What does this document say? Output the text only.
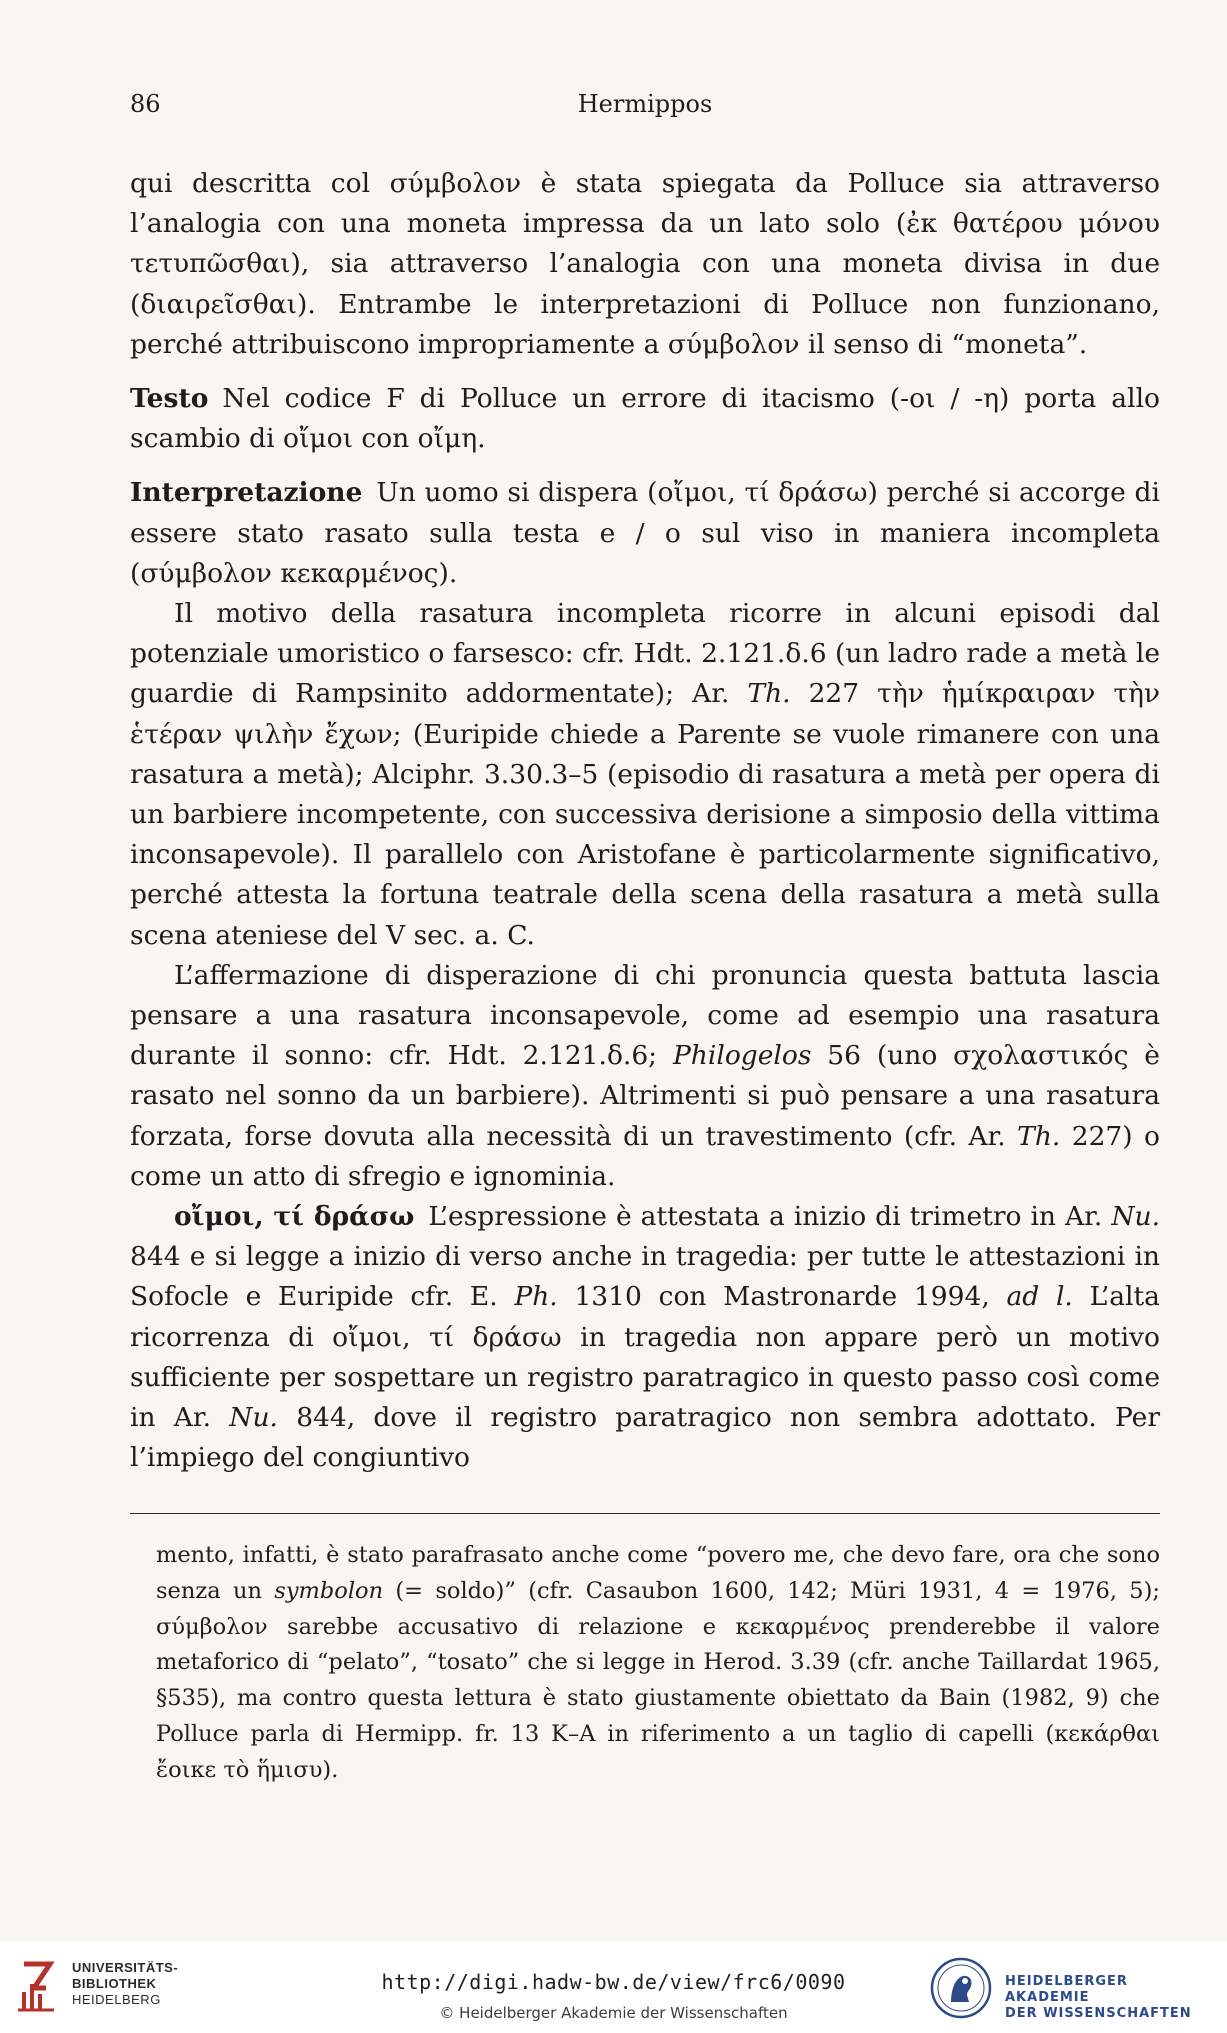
86	Hermippos

qui descritta col σύμβολον è stata spiegata da Polluce sia attraverso l’analogia con una moneta impressa da un lato solo (ἐκ θατέρου μόνου τετυπῶσθαι), sia attraverso l’analogia con una moneta divisa in due (διαιρεῖσθαι). Entrambe le interpretazioni di Polluce non funzionano, perché attribuiscono impropriamente a σύμβολον il senso di “moneta”.

Testo Nel codice F di Polluce un errore di itacismo (-οι / -η) porta allo scambio di οἴμοι con οἴμη.

Interpretazione Un uomo si dispera (οἴμοι, τί δράσω) perché si accorge di essere stato rasato sulla testa e / o sul viso in maniera incompleta (σύμβολον κεκαρμένος).

Il motivo della rasatura incompleta ricorre in alcuni episodi dal potenziale umoristico o farsesco: cfr. Hdt. 2.121.δ.6 (un ladro rade a metà le guardie di Rampsinito addormentate); Ar. Th. 227 τὴν ἡμίκραιραν τὴν ἑτέραν ψιλὴν ἔχων; (Euripide chiede a Parente se vuole rimanere con una rasatura a metà); Alciphr. 3.30.3–5 (episodio di rasatura a metà per opera di un barbiere incompetente, con successiva derisione a simposio della vittima inconsapevole). Il parallelo con Aristofane è particolarmente significativo, perché attesta la fortuna teatrale della scena della rasatura a metà sulla scena ateniese del V sec. a. C.

L’affermazione di disperazione di chi pronuncia questa battuta lascia pensare a una rasatura inconsapevole, come ad esempio una rasatura durante il sonno: cfr. Hdt. 2.121.δ.6; Philogelos 56 (uno σχολαστικός è rasato nel sonno da un barbiere). Altrimenti si può pensare a una rasatura forzata, forse dovuta alla necessità di un travestimento (cfr. Ar. Th. 227) o come un atto di sfregio e ignominia.

οἴμοι, τί δράσω L’espressione è attestata a inizio di trimetro in Ar. Nu. 844 e si legge a inizio di verso anche in tragedia: per tutte le attestazioni in Sofocle e Euripide cfr. E. Ph. 1310 con Mastronarde 1994, ad l. L’alta ricorrenza di οἴμοι, τί δράσω in tragedia non appare però un motivo sufficiente per sospettare un registro paratragico in questo passo così come in Ar. Nu. 844, dove il registro paratragico non sembra adottato. Per l’impiego del congiuntivo

mento, infatti, è stato parafrasato anche come “povero me, che devo fare, ora che sono senza un symbolon (= soldo)” (cfr. Casaubon 1600, 142; Müri 1931, 4 = 1976, 5); σύμβολον sarebbe accusativo di relazione e κεκαρμένος prenderebbe il valore metaforico di “pelato”, “tosato” che si legge in Herod. 3.39 (cfr. anche Taillardat 1965, §535), ma contro questa lettura è stato giustamente obiettato da Bain (1982, 9) che Polluce parla di Hermipp. fr. 13 K–A in riferimento a un taglio di capelli (κεκάρθαι ἔοικε τὸ ἥμισυ).

UNIVERSITÄTS-
BIBLIOTHEK
HEIDELBERG
http://digi.hadw-bw.de/view/frc6/0090
© Heidelberger Akademie der Wissenschaften
HEIDELBERGER AKADEMIE
DER WISSENSCHAFTEN
